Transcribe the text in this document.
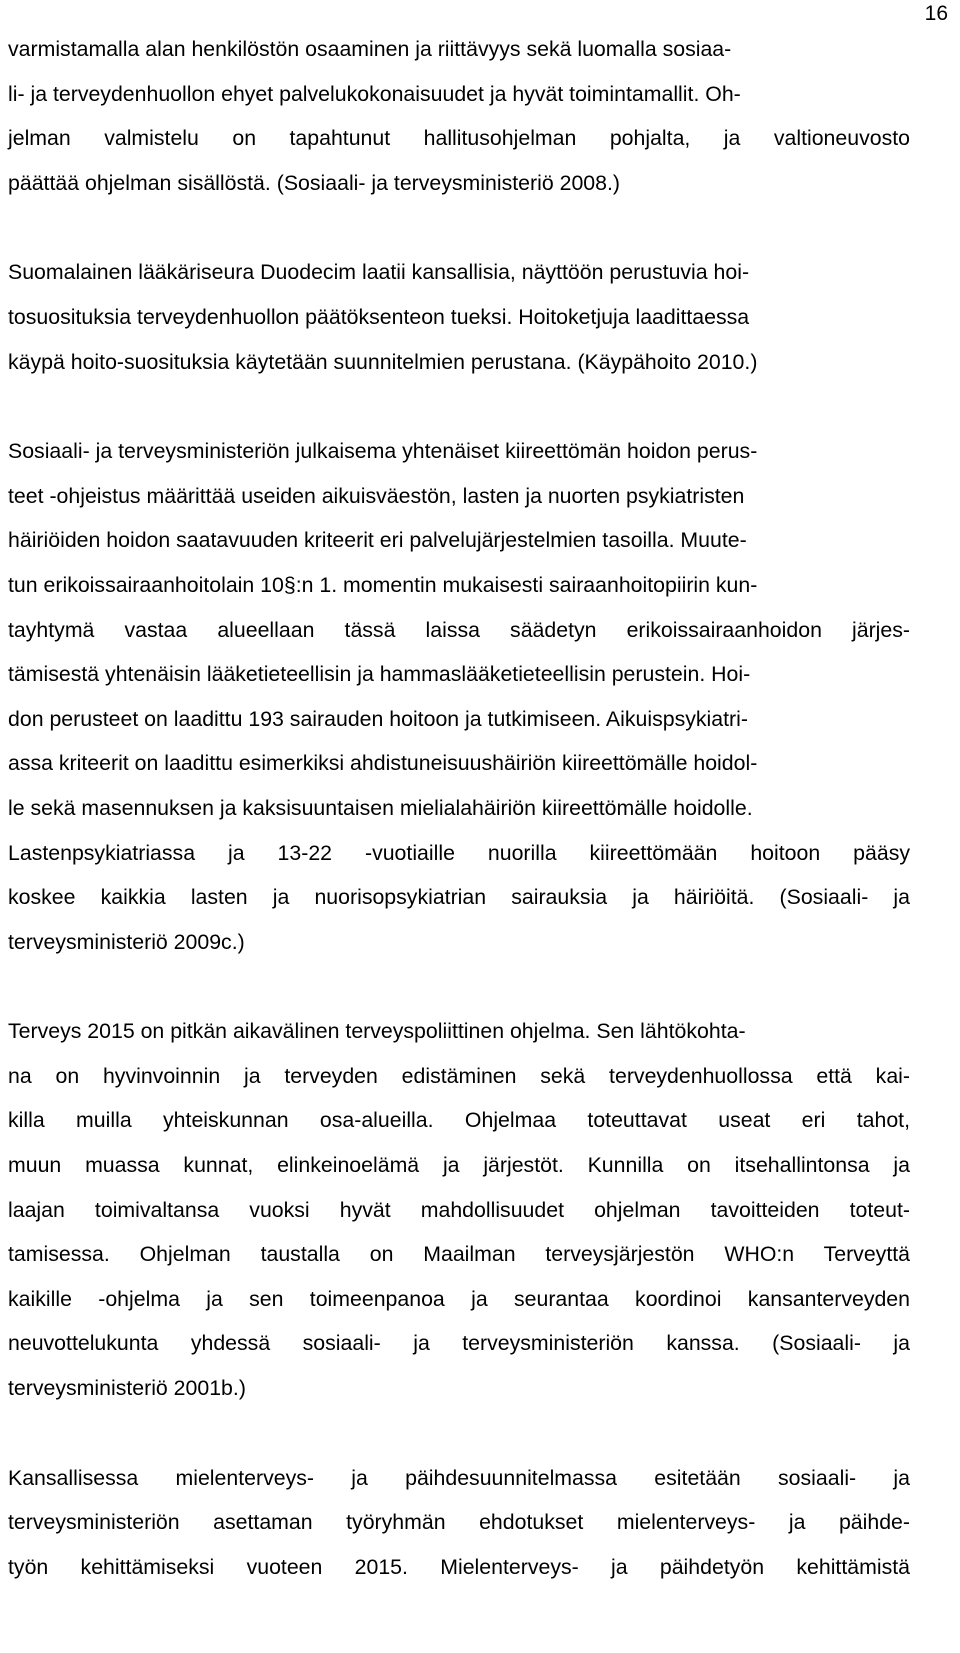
16

varmistamalla alan henkilöstön osaaminen ja riittävyys sekä luomalla sosiaa-
li- ja terveydenhuollon ehyet palvelukokonaisuudet ja hyvät toimintamallit. Oh-
jelman valmistelu on tapahtunut hallitusohjelman pohjalta, ja valtioneuvosto
päättää ohjelman sisällöstä. (Sosiaali- ja terveysministeriö 2008.)

Suomalainen lääkäriseura Duodecim laatii kansallisia, näyttöön perustuvia hoi-
tosuosituksia terveydenhuollon päätöksenteon tueksi. Hoitoketjuja laadittaessa
käypä hoito-suosituksia käytetään suunnitelmien perustana. (Käypähoito 2010.)

Sosiaali- ja terveysministeriön julkaisema yhtenäiset kiireettömän hoidon perus-
teet -ohjeistus määrittää useiden aikuisväestön, lasten ja nuorten psykiatristen
häiriöiden hoidon saatavuuden kriteerit eri palvelujärjestelmien tasoilla. Muute-
tun erikoissairaanhoitolain 10§:n 1. momentin mukaisesti sairaanhoitopiirin kun-
tayhtymä vastaa alueellaan tässä laissa säädetyn erikoissairaanhoidon järjes-
tämisestä yhtenäisin lääketieteellisin ja hammaslääketieteellisin perustein. Hoi-
don perusteet on laadittu 193 sairauden hoitoon ja tutkimiseen. Aikuispsykiatri-
assa kriteerit on laadittu esimerkiksi ahdistuneisuushäiriön kiireettömälle hoidol-
le sekä masennuksen ja kaksisuuntaisen mielialahäiriön kiireettömälle hoidolle.
Lastenpsykiatriassa ja 13-22 -vuotiaille nuorilla kiireettömään hoitoon pääsy
koskee kaikkia lasten ja nuorisopsykiatrian sairauksia ja häiriöitä. (Sosiaali- ja
terveysministeriö 2009c.)

Terveys 2015 on pitkän aikavälinen terveyspoliittinen ohjelma. Sen lähtökohta-
na on hyvinvoinnin ja terveyden edistäminen sekä terveydenhuollossa että kai-
killa muilla yhteiskunnan osa-alueilla. Ohjelmaa toteuttavat useat eri tahot,
muun muassa kunnat, elinkeinoelämä ja järjestöt. Kunnilla on itsehallintonsa ja
laajan toimivaltansa vuoksi hyvät mahdollisuudet ohjelman tavoitteiden toteut-
tamisessa. Ohjelman taustalla on Maailman terveysjärjestön WHO:n Terveyttä
kaikille -ohjelma ja sen toimeenpanoa ja seurantaa koordinoi kansanterveyden
neuvottelukunta yhdessä sosiaali- ja terveysministeriön kanssa. (Sosiaali- ja
terveysministeriö 2001b.)

Kansallisessa mielenterveys- ja päihdesuunnitelmassa esitetään sosiaali- ja
terveysministeriön asettaman työryhmän ehdotukset mielenterveys- ja päihde-
työn kehittämiseksi vuoteen 2015. Mielenterveys- ja päihdetyön kehittämistä
